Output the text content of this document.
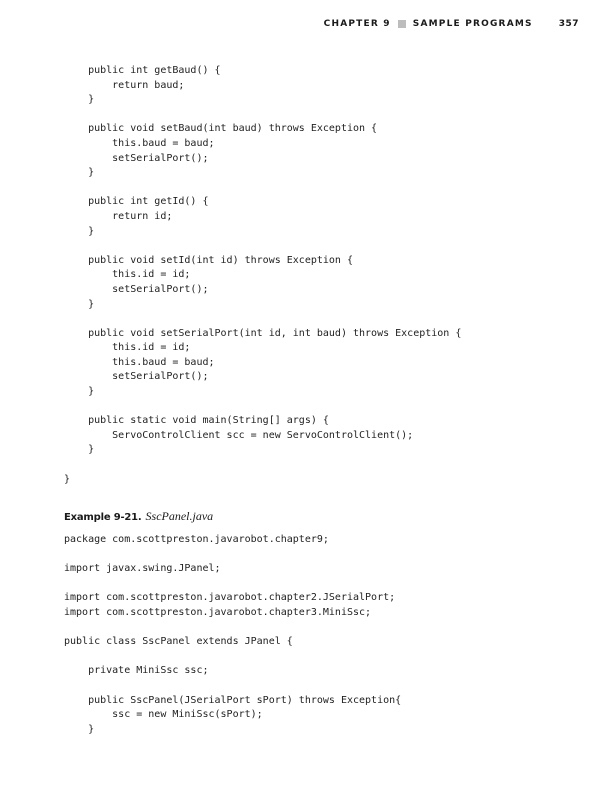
CHAPTER 9 SAMPLE PROGRAMS	357
public int getBaud() {
return baud;
}

public void setBaud(int baud) throws Exception {
this.baud = baud;
setSerialPort();
}

public int getId() {
return id;
}

public void setId(int id) throws Exception {
this.id = id;
setSerialPort();
}

public void setSerialPort(int id, int baud) throws Exception {
this.id = id;
this.baud = baud;
setSerialPort();
}

public static void main(String[] args) {
ServoControlClient scc = new ServoControlClient();
}

}
Example 9-21. SscPanel.java
package com.scottpreston.javarobot.chapter9;

import javax.swing.JPanel;

import com.scottpreston.javarobot.chapter2.JSerialPort;
import com.scottpreston.javarobot.chapter3.MiniSsc;

public class SscPanel extends JPanel {

private MiniSsc ssc;

public SscPanel(JSerialPort sPort) throws Exception{
ssc = new MiniSsc(sPort);
}
